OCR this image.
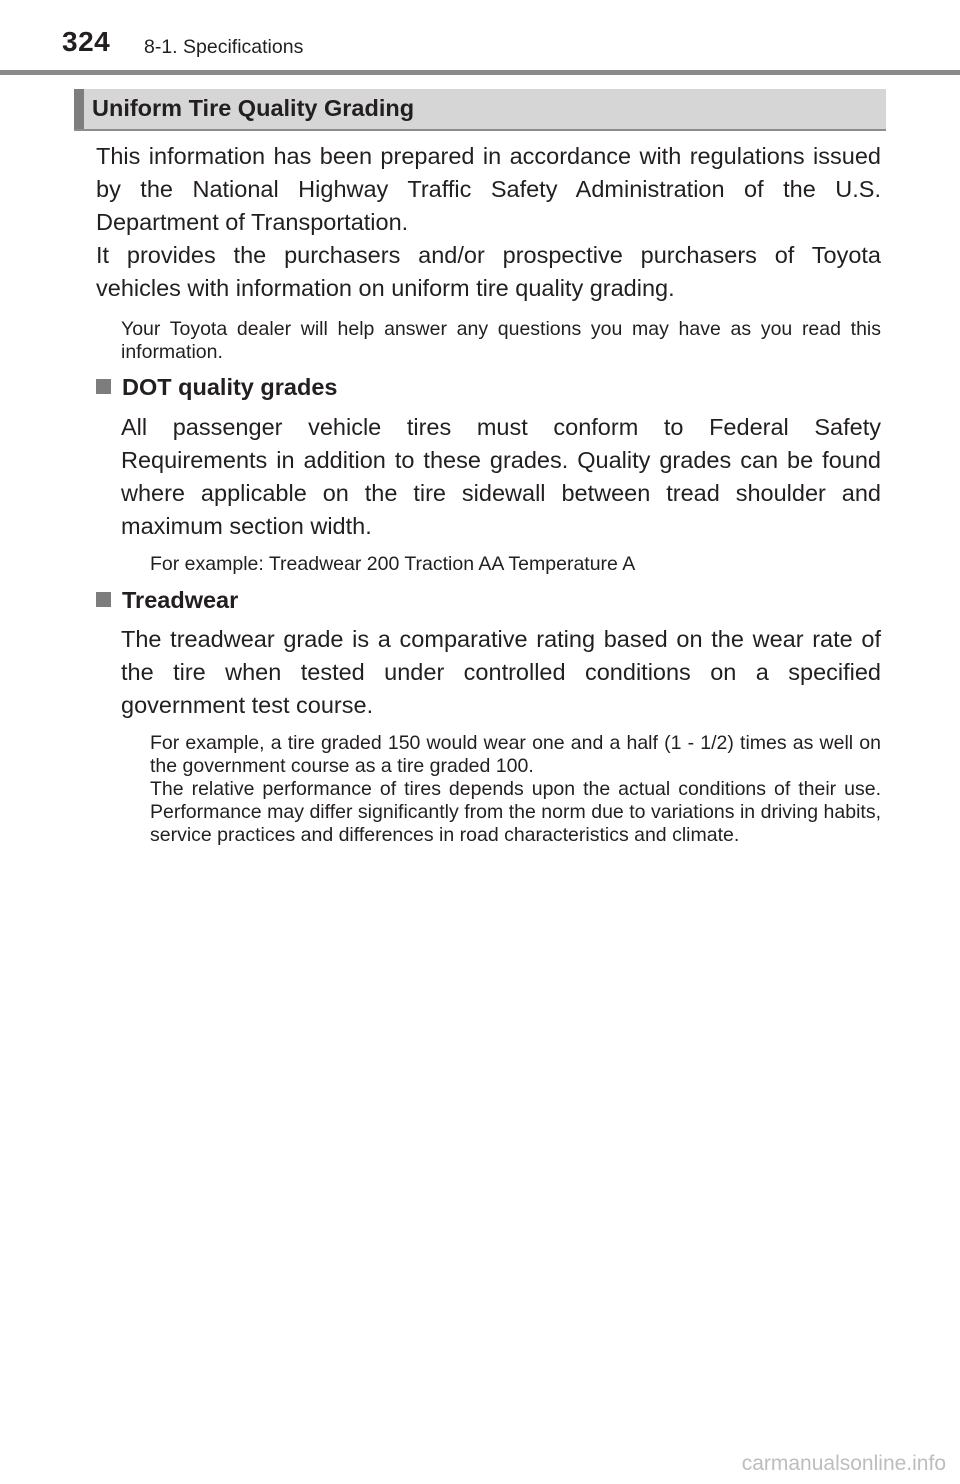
324 8-1. Specifications
Uniform Tire Quality Grading

This information has been prepared in accordance with regulations issued by the National Highway Traffic Safety Administration of the U.S. Department of Transportation.

It provides the purchasers and/or prospective purchasers of Toyota vehicles with information on uniform tire quality grading.

Your Toyota dealer will help answer any questions you may have as you read this information.

DOT quality grades

All passenger vehicle tires must conform to Federal Safety Requirements in addition to these grades. Quality grades can be found where applicable on the tire sidewall between tread shoulder and maximum section width.

For example: Treadwear 200 Traction AA Temperature A

Treadwear

The treadwear grade is a comparative rating based on the wear rate of the tire when tested under controlled conditions on a specified government test course.

For example, a tire graded 150 would wear one and a half (1 - 1/2) times as well on the government course as a tire graded 100.

The relative performance of tires depends upon the actual conditions of their use. Performance may differ significantly from the norm due to variations in driving habits, service practices and differences in road characteristics and climate.

carmanualsonline.info
